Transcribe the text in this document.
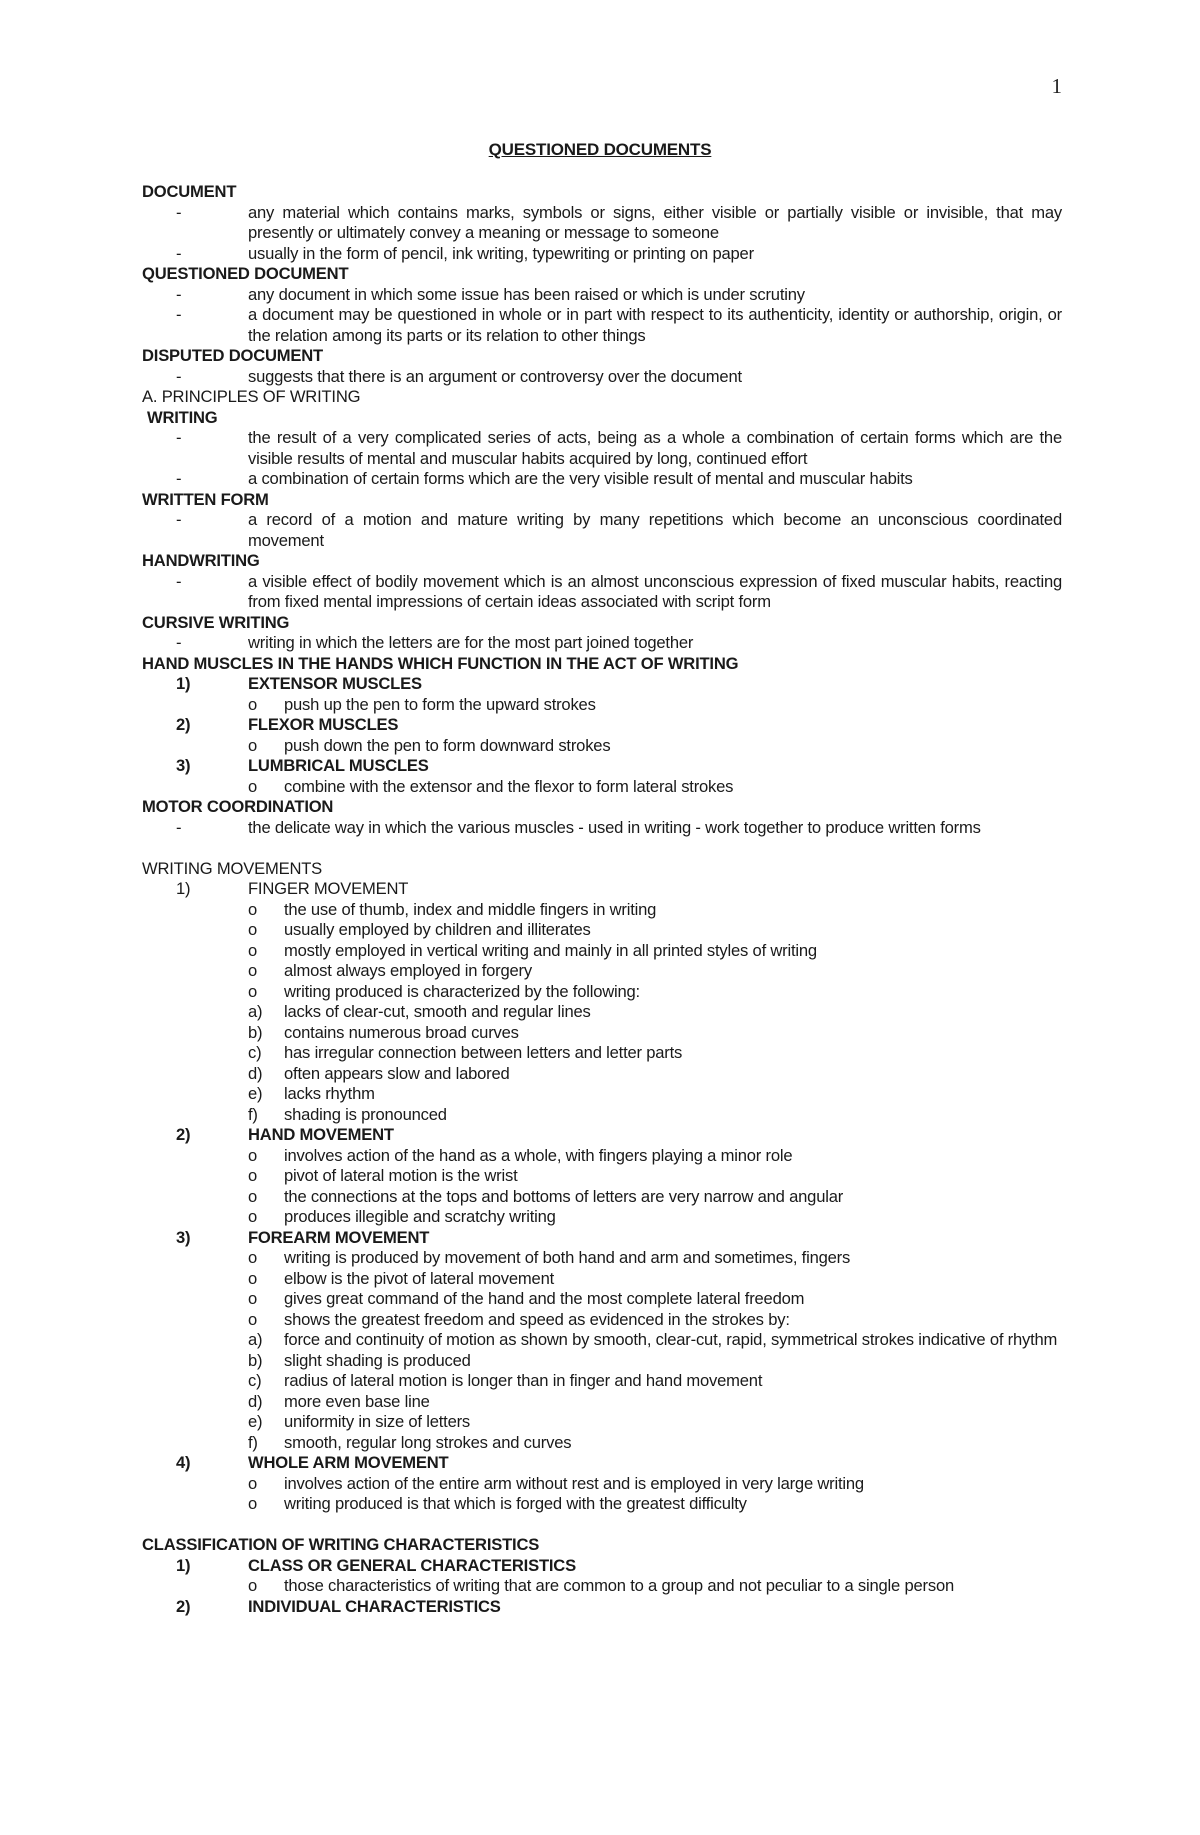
1
QUESTIONED DOCUMENTS
DOCUMENT
-	any material which contains marks, symbols or signs, either visible or partially visible or invisible, that may presently or ultimately convey a meaning or message to someone
-	usually in the form of pencil, ink writing, typewriting or printing on paper
QUESTIONED DOCUMENT
-	any document in which some issue has been raised or which is under scrutiny
-	a document may be questioned in whole or in part with respect to its authenticity, identity or authorship, origin, or the relation among its parts or its relation to other things
DISPUTED DOCUMENT
-	suggests that there is an argument or controversy over the document
A. PRINCIPLES OF WRITING
WRITING
-	the result of a very complicated series of acts, being as a whole a combination of certain forms which are the visible results of mental and muscular habits acquired by long, continued effort
-	a combination of certain forms which are the very visible result of mental and muscular habits
WRITTEN FORM
-	a record of a motion and mature writing by many repetitions which become an unconscious coordinated movement
HANDWRITING
-	a visible effect of bodily movement which is an almost unconscious expression of fixed muscular habits, reacting from fixed mental impressions of certain ideas associated with script form
CURSIVE WRITING
-	writing in which the letters are for the most part joined together
HAND MUSCLES IN THE HANDS WHICH FUNCTION IN THE ACT OF WRITING
1)	EXTENSOR MUSCLES
o	push up the pen to form the upward strokes
2)	FLEXOR MUSCLES
o	push down the pen to form downward strokes
3)	LUMBRICAL MUSCLES
o	combine with the extensor and the flexor to form lateral strokes
MOTOR COORDINATION
-	the delicate way in which the various muscles - used in writing - work together to produce written forms
WRITING MOVEMENTS
1)	FINGER MOVEMENT
o	the use of thumb, index and middle fingers in writing
o	usually employed by children and illiterates
o	mostly employed in vertical writing and mainly in all printed styles of writing
o	almost always employed in forgery
o	writing produced is characterized by the following:
a)	lacks of clear-cut, smooth and regular lines
b)	contains numerous broad curves
c)	has irregular connection between letters and letter parts
d)	often appears slow and labored
e)	lacks rhythm
f)	shading is pronounced
2)	HAND MOVEMENT
o	involves action of the hand as a whole, with fingers playing a minor role
o	pivot of lateral motion is the wrist
o	the connections at the tops and bottoms of letters are very narrow and angular
o	produces illegible and scratchy writing
3)	FOREARM MOVEMENT
o	writing is produced by movement of both hand and arm and sometimes, fingers
o	elbow is the pivot of lateral movement
o	gives great command of the hand and the most complete lateral freedom
o	shows the greatest freedom and speed as evidenced in the strokes by:
a)	force and continuity of motion as shown by smooth, clear-cut, rapid, symmetrical strokes indicative of rhythm
b)	slight shading is produced
c)	radius of lateral motion is longer than in finger and hand movement
d)	more even base line
e)	uniformity in size of letters
f)	smooth, regular long strokes and curves
4)	WHOLE ARM MOVEMENT
o	involves action of the entire arm without rest and is employed in very large writing
o	writing produced is that which is forged with the greatest difficulty
CLASSIFICATION OF WRITING CHARACTERISTICS
1)	CLASS OR GENERAL CHARACTERISTICS
o	those characteristics of writing that are common to a group and not peculiar to a single person
2)	INDIVIDUAL CHARACTERISTICS
